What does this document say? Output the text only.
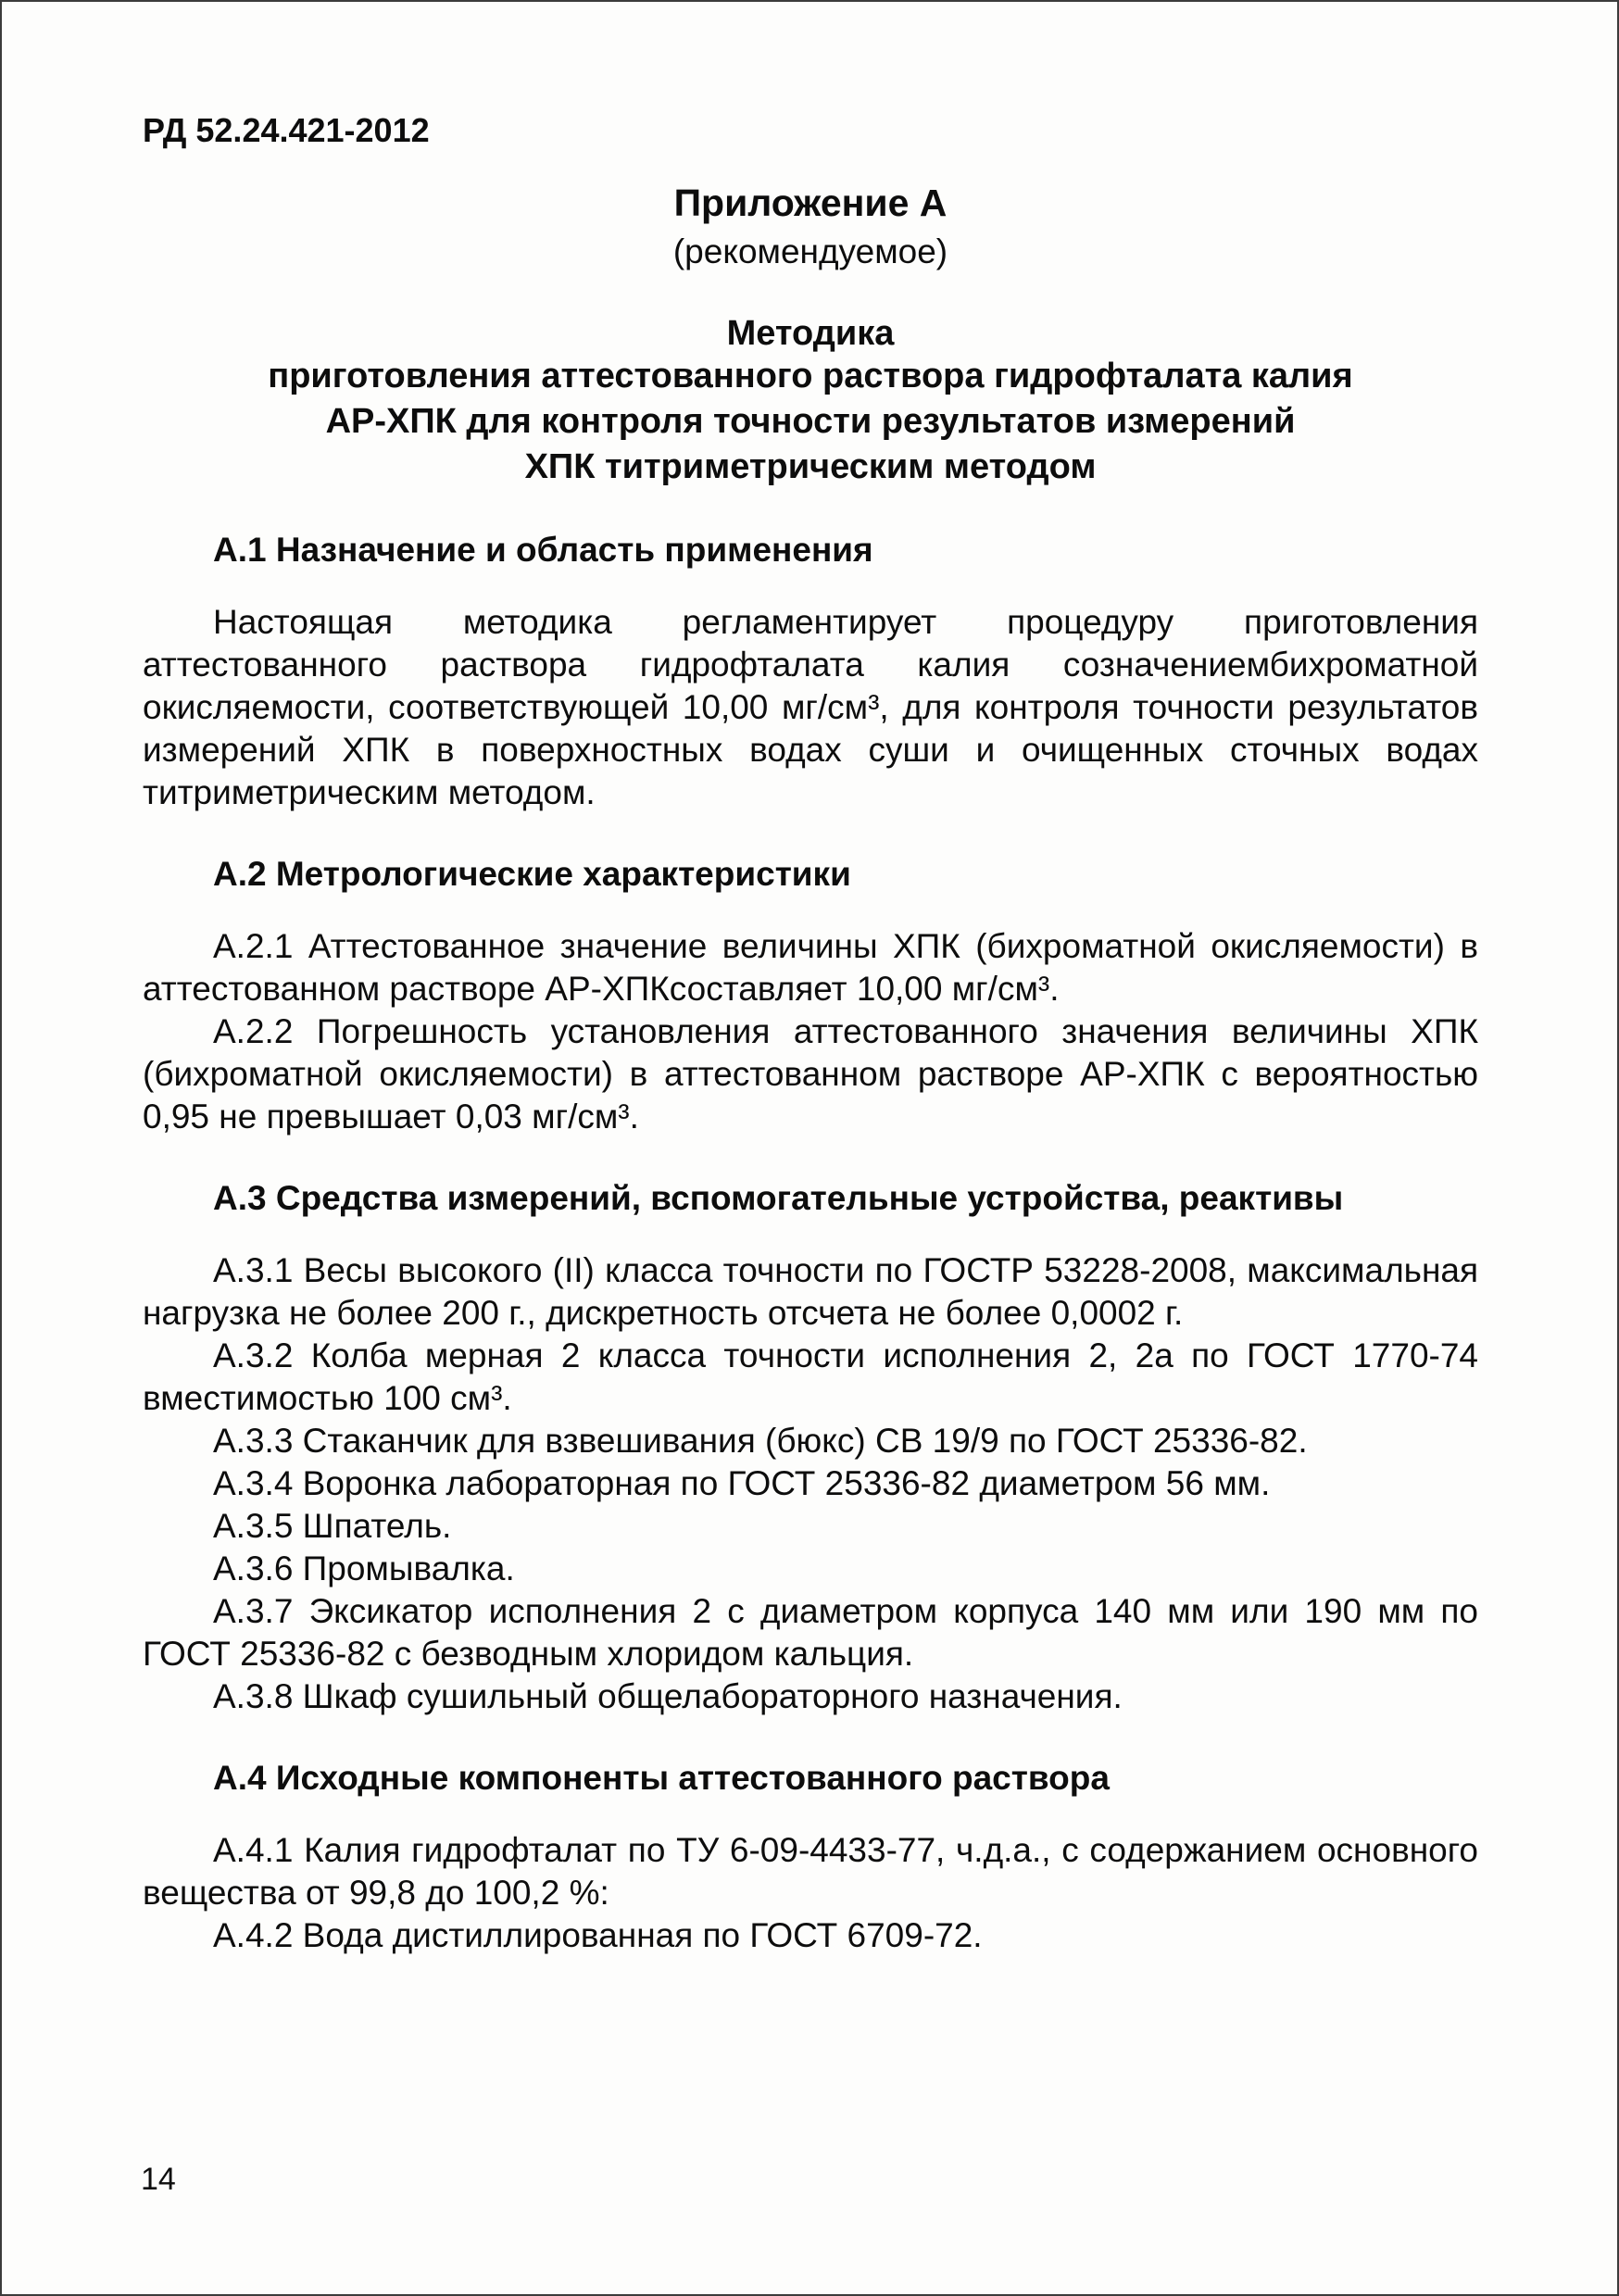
РД 52.24.421-2012
Приложение А
(рекомендуемое)
Методика
приготовления аттестованного раствора гидрофталата калия
АР-ХПК для контроля точности результатов измерений
ХПК титриметрическим методом
А.1 Назначение и область применения

Настоящая методика регламентирует процедуру приготовления аттестованного раствора гидрофталата калия созначениембихроматной окисляемости, соответствующей 10,00 мг/см³, для контроля точности результатов измерений ХПК в поверхностных водах суши и очищенных сточных водах титриметрическим методом.

А.2 Метрологические характеристики

А.2.1 Аттестованное значение величины ХПК (бихроматной окисляемости) в аттестованном растворе АР-ХПКсоставляет 10,00 мг/см³.

А.2.2 Погрешность установления аттестованного значения величины ХПК (бихроматной окисляемости) в аттестованном растворе АР-ХПК с вероятностью 0,95 не превышает 0,03 мг/см³.

А.3 Средства измерений, вспомогательные устройства, реактивы

А.3.1 Весы высокого (II) класса точности по ГОСТР 53228-2008, максимальная нагрузка не более 200 г., дискретность отсчета не более 0,0002 г.

А.3.2 Колба мерная 2 класса точности исполнения 2, 2а по ГОСТ 1770-74 вместимостью 100 см³.

А.3.3 Стаканчик для взвешивания (бюкс) СВ 19/9 по ГОСТ 25336-82.

А.3.4 Воронка лабораторная по ГОСТ 25336-82 диаметром 56 мм.

А.3.5 Шпатель.

А.3.6 Промывалка.

А.3.7 Эксикатор исполнения 2 с диаметром корпуса 140 мм или 190 мм по ГОСТ 25336-82 с безводным хлоридом кальция.

А.3.8 Шкаф сушильный общелабораторного назначения.

А.4 Исходные компоненты аттестованного раствора

А.4.1 Калия гидрофталат по ТУ 6-09-4433-77, ч.д.а., с содержанием основного вещества от 99,8 до 100,2 %:

А.4.2 Вода дистиллированная по ГОСТ 6709-72.

14
